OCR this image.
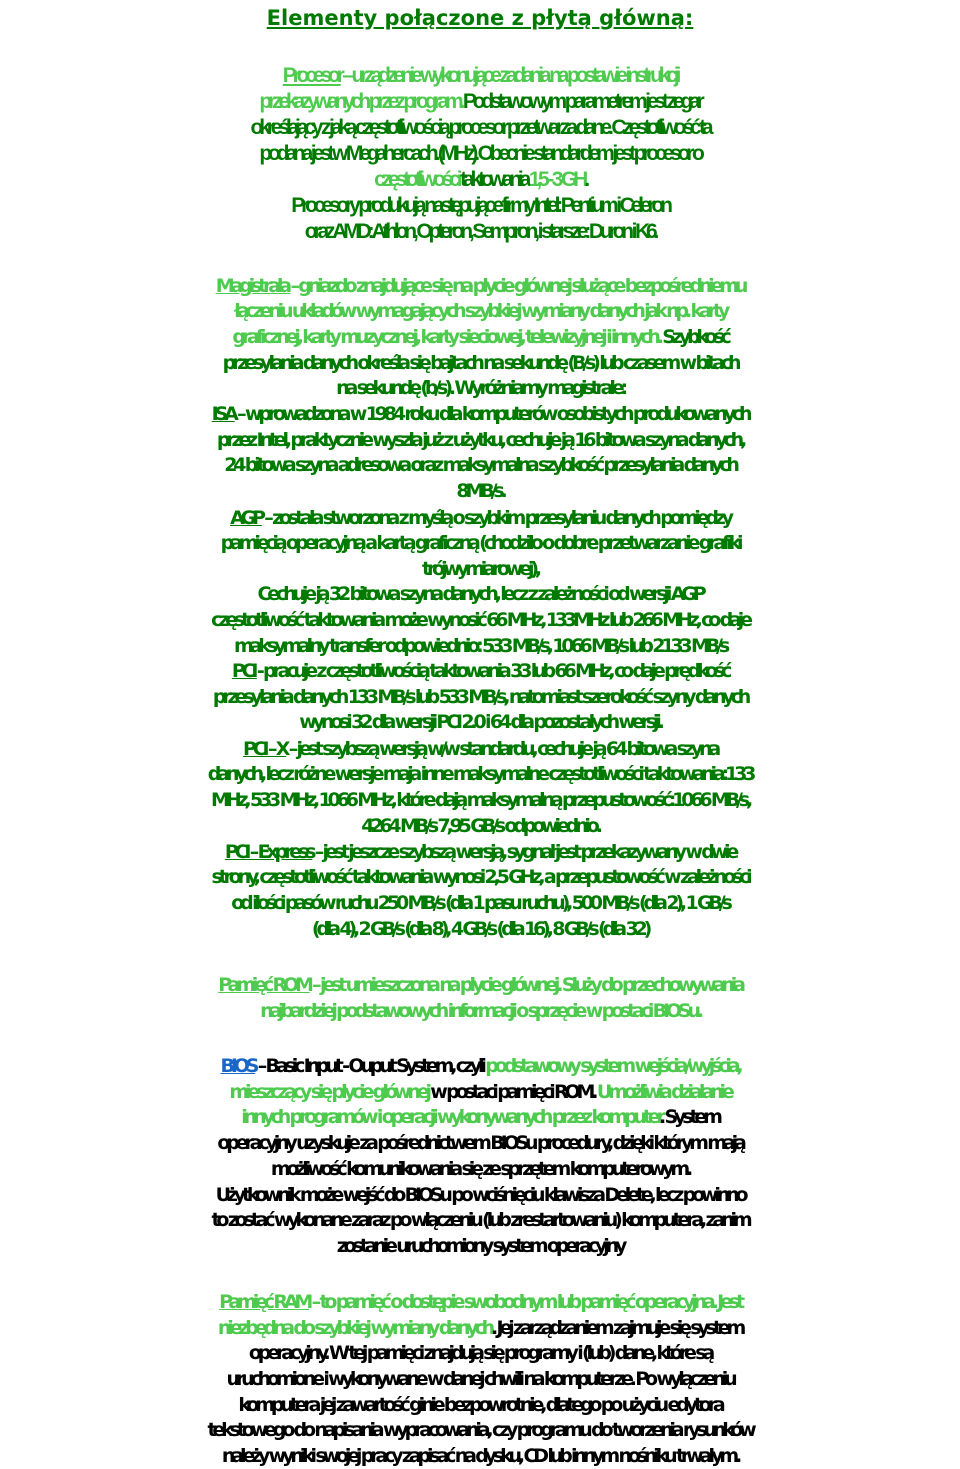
Elementy połączone z płytą główną:
Procesor – urządzenie wykonujące zadania na postawie instrukcji
przekazywanych przez program. Podstawowym parametrem jest zegar
określający z jaką częstotliwością procesor przetwarza dane. Częstotliwość ta
podana jest w Megahercach. (MHz). Obecnie standardem jest procesor o
częstotliwości taktowania 1,5 - 3 GH.
Procesory produkują następujące firmy Intel: Pentium i Celeron
oraz AMD: Athlon, Opteron, Sempron, i starsze: Duron i K6.
Magistrala – gniazdo znajdujące się na płycie głównej służące bezpośredniemu
łączeniu układów wymagających szybkiej wymiany danych jak np. karty
graficznej, karty muzycznej, karty sieciowej, telewizyjnej i innych. Szybkość
przesyłania danych określa się bajtach na sekundę (B/s) lub czasem w bitach
na sekundę (b/s). Wyróżniamy magistrale:
ISA – wprowadzona w 1984 roku dla komputerów osobistych produkowanych
przez Intel, praktycznie wyszła już z użytku, cechuje ją 16 bitowa szyna danych,
24 bitowa szyna adresowa oraz maksymalna szybkość przesyłania danych
8MB/s.
AGP – została stworzona z myślą o szybkim przesyłaniu danych pomiędzy
pamięcią operacyjną a kartą graficzną (chodziło o dobre przetwarzanie grafiki
trójwymiarowej),
Cechuje ją 32 bitowa szyna danych, lecz z zależności od wersji AGP
częstotliwość taktowania może wynosić 66 MHz, 133MHz lub 266 MHz, co daje
maksymalny transfer odpowiednio: 533 MB/s, 1066 MB/s lub 2133 MB/s
PCI - pracuje z częstotliwością taktowania 33 lub 66 MHz, co daje prędkość
przesyłania danych 133 MB/s lub 533 MB/s, natomiast szerokość szyny danych
wynosi 32 dla wersji PCI 2.0 i 64 dla pozostałych wersji.
PCI – X – jest szybszą wersją w/w standardu, cechuje ją 64 bitowa szyna
danych, lecz różne wersje maja inne maksymalne częstotliwości taktowania:133
MHz, 533 MHz, 1066 MHz, które dają maksymalną przepustowość:1066 MB/s,
4264 MB/s 7,95 GB/s odpowiednio.
PCI – Express – jest jeszcze szybszą wersją, sygnał jest przekazywany w dwie
strony, częstotliwość taktowania wynosi 2,5 GHz, a przepustowość w zależności
od ilości pasów ruchu 250 MB/s (dla 1 pasu ruchu), 500 MB/s (dla 2), 1 GB/s
(dla 4), 2 GB/s (dla 8), 4 GB/s (dla 16), 8 GB/s (dla 32)
Pamięć ROM – jest umieszczona na płycie głównej. Służy do przechowywania
najbardziej podstawowych informacji o sprzęcie w postaci BIOSu.
BIOS – Basic Input - Ouput System, czyli podstawowy system wejścia/wyjścia,
mieszczący się płycie głównej w postaci pamięci ROM. Umożliwia działanie
innych programów i operacji wykonywanych przez komputer. System
operacyjny uzyskuje za pośrednictwem BIOSu procedury, dzięki którym mają
możliwość komunikowania się ze sprzętem komputerowym.
Użytkownik może wejść do BIOSu po wciśnięciu klawisza Delete, lecz powinno
to zostać wykonane zaraz po włączeniu (lub zrestartowaniu) komputera, zanim
zostanie uruchomiony system operacyjny
Pamięć RAM – to pamięć o dostępie swobodnym lub pamięć operacyjna. Jest
niezbędna do szybkiej wymiany danych. Jej zarządzaniem zajmuje się system
operacyjny. W tej pamięci znajdują się programy i (lub) dane, które są
uruchomione i wykonywane w danej chwili na komputerze. Po wyłączeniu
komputera jej zawartość ginie bezpowrotnie, dlatego po użyciu edytora
tekstowego do napisania wypracowania, czy programu do tworzenia rysunków
należy wyniki swojej pracy zapisać na dysku, CD lub innym nośniku trwałym.
